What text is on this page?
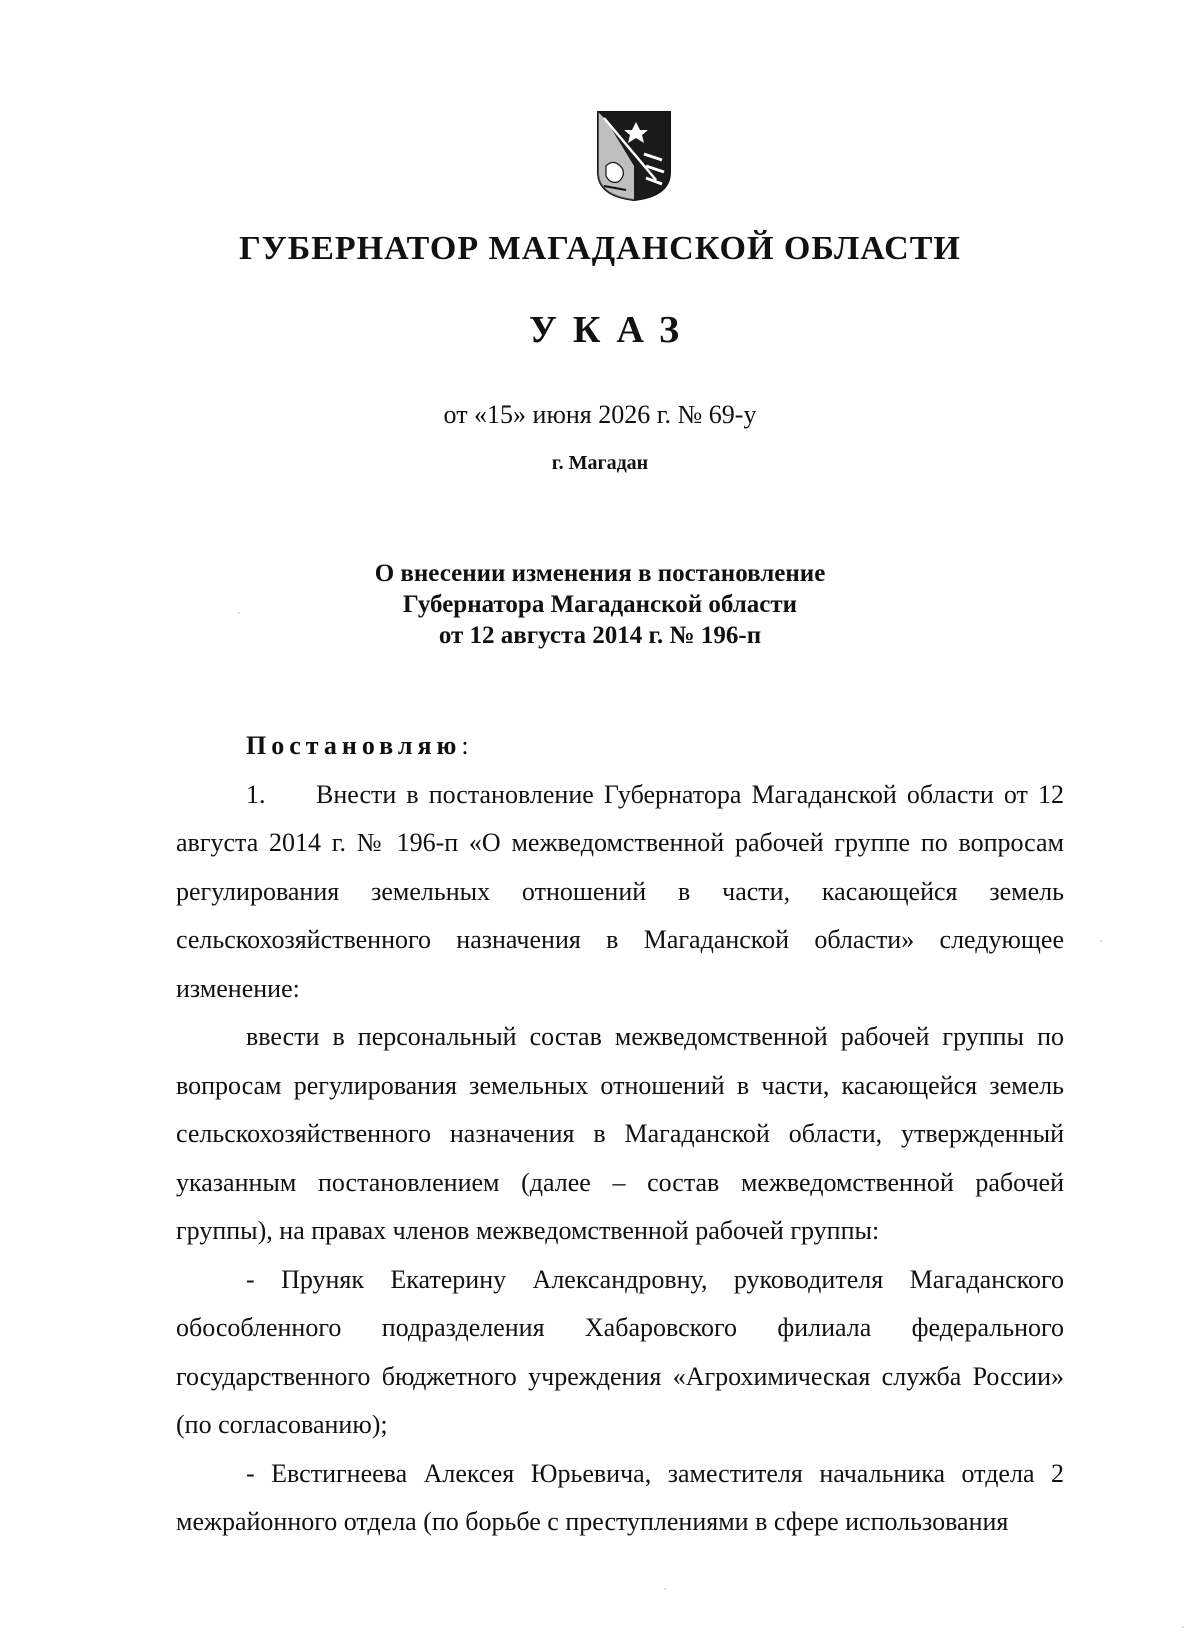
ГУБЕРНАТОР МАГАДАНСКОЙ ОБЛАСТИ
УКАЗ
от «15» июня 2026 г. № 69-у
г. Магадан
О внесении изменения в постановление
Губернатора Магаданской области
от 12 августа 2014 г. № 196-п

Постановляю:

1. Внести в постановление Губернатора Магаданской области от 12 августа 2014 г. № 196-п «О межведомственной рабочей группе по вопросам регулирования земельных отношений в части, касающейся земель сельскохозяйственного назначения в Магаданской области» следующее изменение:

ввести в персональный состав межведомственной рабочей группы по вопросам регулирования земельных отношений в части, касающейся земель сельскохозяйственного назначения в Магаданской области, утвержденный указанным постановлением (далее – состав межведомственной рабочей группы), на правах членов межведомственной рабочей группы:

- Пруняк Екатерину Александровну, руководителя Магаданского обособленного подразделения Хабаровского филиала федерального государственного бюджетного учреждения «Агрохимическая служба России» (по согласованию);

- Евстигнеева Алексея Юрьевича, заместителя начальника отдела 2 межрайонного отдела (по борьбе с преступлениями в сфере использования
